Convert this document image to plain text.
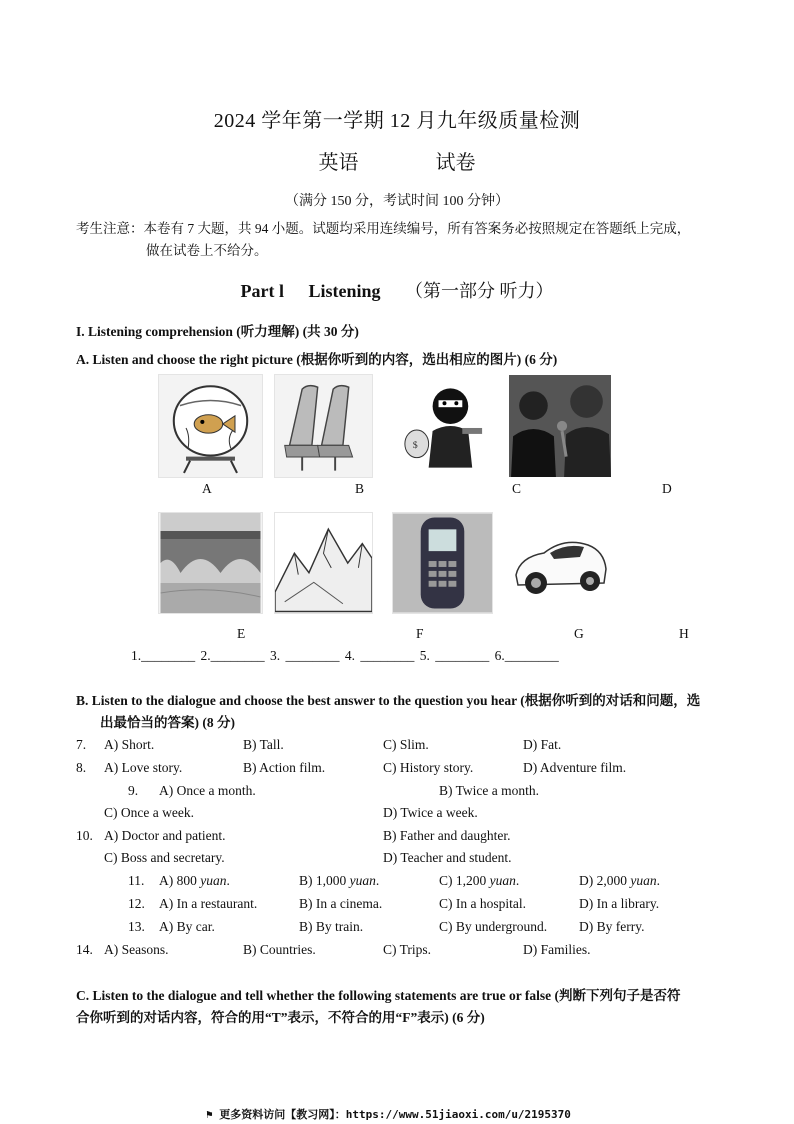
2024 学年第一学期 12 月九年级质量检测
英语	试卷
（满分 150 分，考试时间 100 分钟）
考生注意：本卷有 7 大题，共 94 小题。试题均采用连续编号，所有答案务必按照规定在答题纸上完成，
做在试卷上不给分。
Part l Listening （第一部分 听力）
I. Listening comprehension (听力理解) (共 30 分)
A. Listen and choose the right picture (根据你听到的内容，选出相应的图片) (6 分)
$
A	B	C	D
E	F	G	H
1.________ 2.________ 3. ________ 4. ________ 5. ________ 6.________
B. Listen to the dialogue and choose the best answer to the question you hear (根据你听到的对话和问题，选
出最恰当的答案) (8 分)
7. A) Short.	B) Tall.	C) Slim.	D) Fat.
8. A) Love story.	B) Action film.	C) History story.	D) Adventure film.
9. A) Once a month.	B) Twice a month.
C) Once a week.	D) Twice a week.
10. A) Doctor and patient.	B) Father and daughter.
C) Boss and secretary.	D) Teacher and student.
11. A) 800 yuan.	B) 1,000 yuan.	C) 1,200 yuan.	D) 2,000 yuan.
12. A) In a restaurant.	B) In a cinema.	C) In a hospital.	D) In a library.
13. A) By car.	B) By train.	C) By underground. D) By ferry.
14. A) Seasons.	B) Countries.	C) Trips.	D) Families.
C. Listen to the dialogue and tell whether the following statements are true or false (判断下列句子是否符
合你听到的对话内容，符合的用“T”表示，不符合的用“F”表示) (6 分)
⚑ 更多资料访问【教习网】：https://www.51jiaoxi.com/u/2195370
